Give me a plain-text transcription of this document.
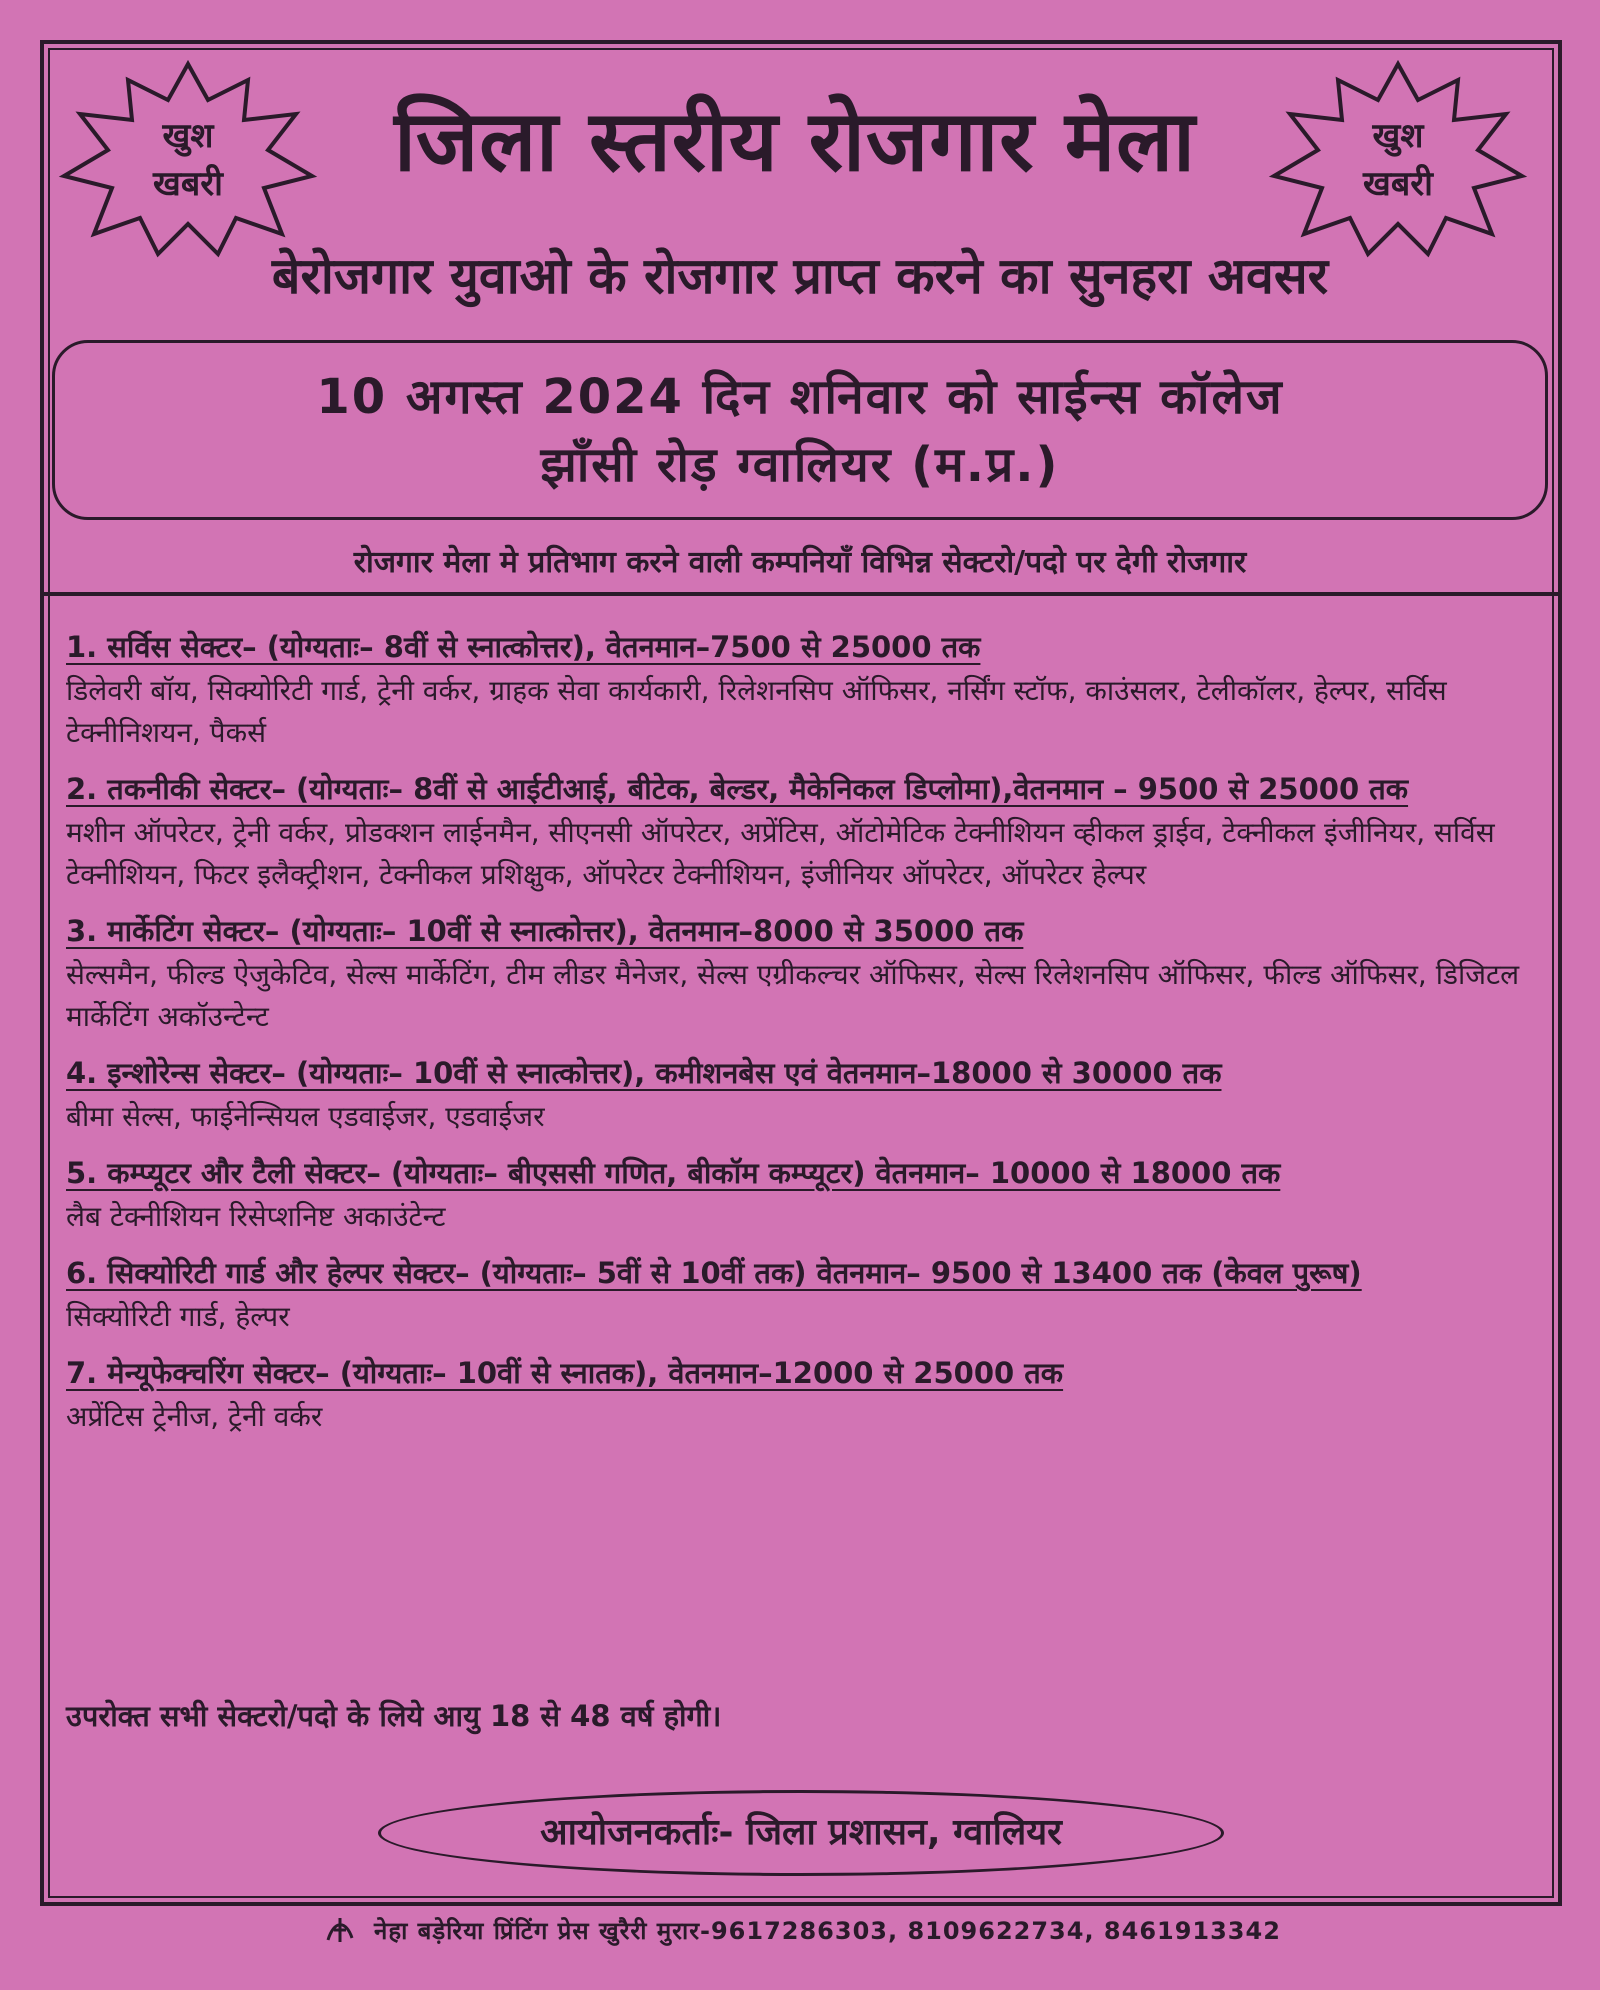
खुश
खबरी
खुश
खबरी
जिला स्तरीय रोजगार मेला
बेरोजगार युवाओ के रोजगार प्राप्त करने का सुनहरा अवसर
10 अगस्त 2024 दिन शनिवार को साईन्स कॉलेज
झाँसी रोड़ ग्वालियर (म.प्र.)
रोजगार मेला मे प्रतिभाग करने वाली कम्पनियाँ विभिन्न सेक्टरो/पदो पर देगी रोजगार
1. सर्विस सेक्टर– (योग्यताः– 8वीं से स्नात्कोत्तर), वेतनमान–7500 से 25000 तक
डिलेवरी बॉय, सिक्योरिटी गार्ड, ट्रेनी वर्कर, ग्राहक सेवा कार्यकारी, रिलेशनसिप ऑफिसर, नर्सिंग स्टॉफ, काउंसलर, टेलीकॉलर, हेल्पर, सर्विस टेक्नीनिशयन, पैकर्स
2. तकनीकी सेक्टर– (योग्यताः– 8वीं से आईटीआई, बीटेक, बेल्डर, मैकेनिकल डिप्लोमा),वेतनमान – 9500 से 25000 तक
मशीन ऑपरेटर, ट्रेनी वर्कर, प्रोडक्शन लाईनमैन, सीएनसी ऑपरेटर, अप्रेंटिस, ऑटोमेटिक टेक्नीशियन व्हीकल ड्राईव, टेक्नीकल इंजीनियर, सर्विस टेक्नीशियन, फिटर इलैक्ट्रीशन, टेक्नीकल प्रशिक्षुक, ऑपरेटर टेक्नीशियन, इंजीनियर ऑपरेटर, ऑपरेटर हेल्पर
3. मार्केटिंग सेक्टर– (योग्यताः– 10वीं से स्नात्कोत्तर), वेतनमान–8000 से 35000 तक
सेल्समैन, फील्ड ऐजुकेटिव, सेल्स मार्केटिंग, टीम लीडर मैनेजर, सेल्स एग्रीकल्चर ऑफिसर, सेल्स रिलेशनसिप ऑफिसर, फील्ड ऑफिसर, डिजिटल मार्केटिंग अकॉउन्टेन्ट
4. इन्शोरेन्स सेक्टर– (योग्यताः– 10वीं से स्नात्कोत्तर), कमीशनबेस एवं वेतनमान–18000 से 30000 तक
बीमा सेल्स, फाईनेन्सियल एडवाईजर, एडवाईजर
5. कम्प्यूटर और टैली सेक्टर– (योग्यताः– बीएससी गणित, बीकॉम कम्प्यूटर) वेतनमान– 10000 से 18000 तक
लैब टेक्नीशियन रिसेप्शनिष्ट अकाउंटेन्ट
6. सिक्योरिटी गार्ड और हेल्पर सेक्टर– (योग्यताः– 5वीं से 10वीं तक) वेतनमान– 9500 से 13400 तक (केवल पुरूष)
सिक्योरिटी गार्ड, हेल्पर
7. मेन्यूफेक्चरिंग सेक्टर– (योग्यताः– 10वीं से स्नातक), वेतनमान–12000 से 25000 तक
अप्रेंटिस ट्रेनीज, ट्रेनी वर्कर
उपरोक्त सभी सेक्टरो/पदो के लिये आयु 18 से 48 वर्ष होगी।
आयोजनकर्ताः- जिला प्रशासन, ग्वालियर
नेहा बड़ेरिया प्रिंटिंग प्रेस खुरैरी मुरार-9617286303, 8109622734, 8461913342
